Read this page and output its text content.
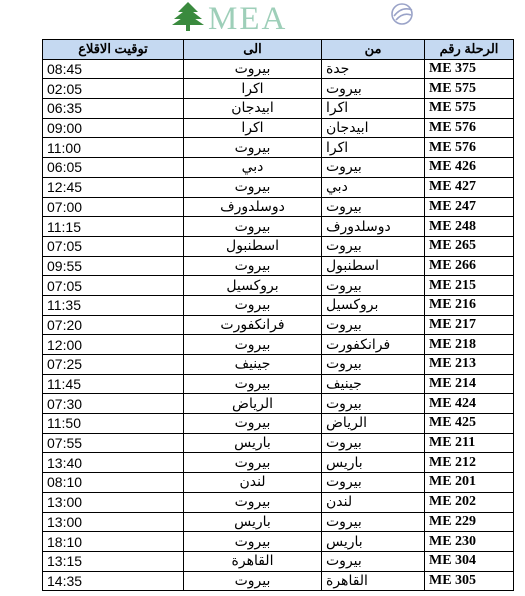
MEA
الرحلة رقم	من	الى	توقيت الاقلاع
ME 375	جدة	بيروت	08:45
ME 575	بيروت	اكرا	02:05
ME 575	اكرا	ابيدجان	06:35
ME 576	ابيدجان	اكرا	09:00
ME 576	اكرا	بيروت	11:00
ME 426	بيروت	دبي	06:05
ME 427	دبي	بيروت	12:45
ME 247	بيروت	دوسلدورف	07:00
ME 248	دوسلدورف	بيروت	11:15
ME 265	بيروت	اسطنبول	07:05
ME 266	اسطنبول	بيروت	09:55
ME 215	بيروت	بروكسيل	07:05
ME 216	بروكسيل	بيروت	11:35
ME 217	بيروت	فرانكفورت	07:20
ME 218	فرانكفورت	بيروت	12:00
ME 213	بيروت	جينيف	07:25
ME 214	جينيف	بيروت	11:45
ME 424	بيروت	الرياض	07:30
ME 425	الرياض	بيروت	11:50
ME 211	بيروت	باريس	07:55
ME 212	باريس	بيروت	13:40
ME 201	بيروت	لندن	08:10
ME 202	لندن	بيروت	13:00
ME 229	بيروت	باريس	13:00
ME 230	باريس	بيروت	18:10
ME 304	بيروت	القاهرة	13:15
ME 305	القاهرة	بيروت	14:35
